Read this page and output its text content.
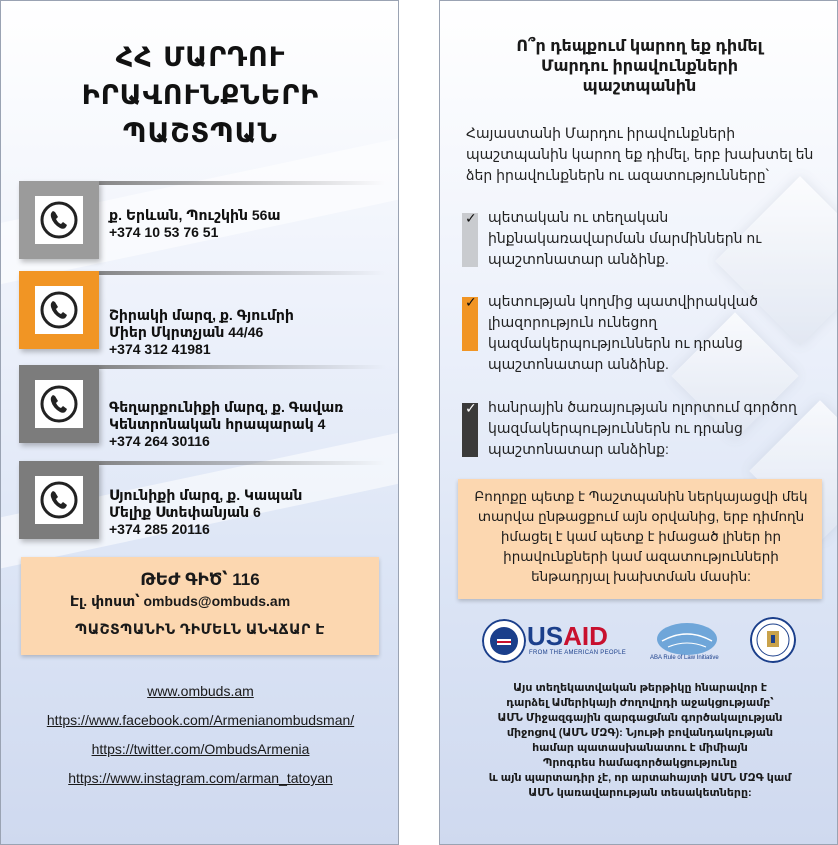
ՀՀ ՄԱՐԴՈՒ
ԻՐԱՎՈՒՆՔՆԵՐԻ
ՊԱՇՏՊԱՆ
ք. Երևան, Պուշկին 56ա
+374 10 53 76 51
Շիրակի մարզ, ք. Գյումրի
Միեր Մկրտչյան 44/46
+374 312 41981
Գեղարքունիքի մարզ, ք. Գավառ
Կենտրոնական հրապարակ 4
+374 264 30116
Սյունիքի մարզ, ք. Կապան
Մելիք Ստեփանյան 6
+374 285 20116
ԹԵԺ ԳԻԾ՝ 116
Էլ. փոստ՝ ombuds@ombuds.am
ՊԱՇՏՊԱՆԻՆ ԴԻՄԵԼՆ ԱՆՎՃԱՐ Է
www.ombuds.am
https://www.facebook.com/Armenianombudsman/
https://twitter.com/OmbudsArmenia
https://www.instagram.com/arman_tatoyan
Ո՞ր դեպքում կարող եք դիմել
Մարդու իրավունքների
պաշտպանին
Հայաստանի Մարդու իրավունքների պաշտպանին կարող եք դիմել, երբ խախտել են ձեր իրավունքներն ու ազատությունները՝
✓ պետական ու տեղական ինքնակառավարման մարմիններն ու պաշտոնատար անձինք.
✓ պետության կողմից պատվիրակված լիազորություն ունեցող կազմակերպություններն ու դրանց պաշտոնատար անձինք.
✓ հանրային ծառայության ոլորտում գործող կազմակերպություններն ու դրանց պաշտոնատար անձինք:
Բողոքը պետք է Պաշտպանին ներկայացվի մեկ տարվա ընթացքում այն օրվանից, երբ դիմողն իմացել է կամ պետք է իմացած լիներ իր իրավունքների կամ ազատությունների ենթադրյալ խախտման մասին:
USAID
FROM THE AMERICAN PEOPLE
ABA Rule of Law Initiative
Այս տեղեկատվական թերթիկը հնարավոր է
դարձել Ամերիկայի ժողովրդի աջակցությամբ՝
ԱՄՆ Միջազգային զարգացման գործակալության
միջոցով (ԱՄՆ ՄԶԳ): Նյութի բովանդակության
համար պատասխանատու է միմիայն
Պրոգրես համագործակցությունը
և այն պարտադիր չէ, որ արտահայտի ԱՄՆ ՄԶԳ կամ
ԱՄՆ կառավարության տեսակետները:
